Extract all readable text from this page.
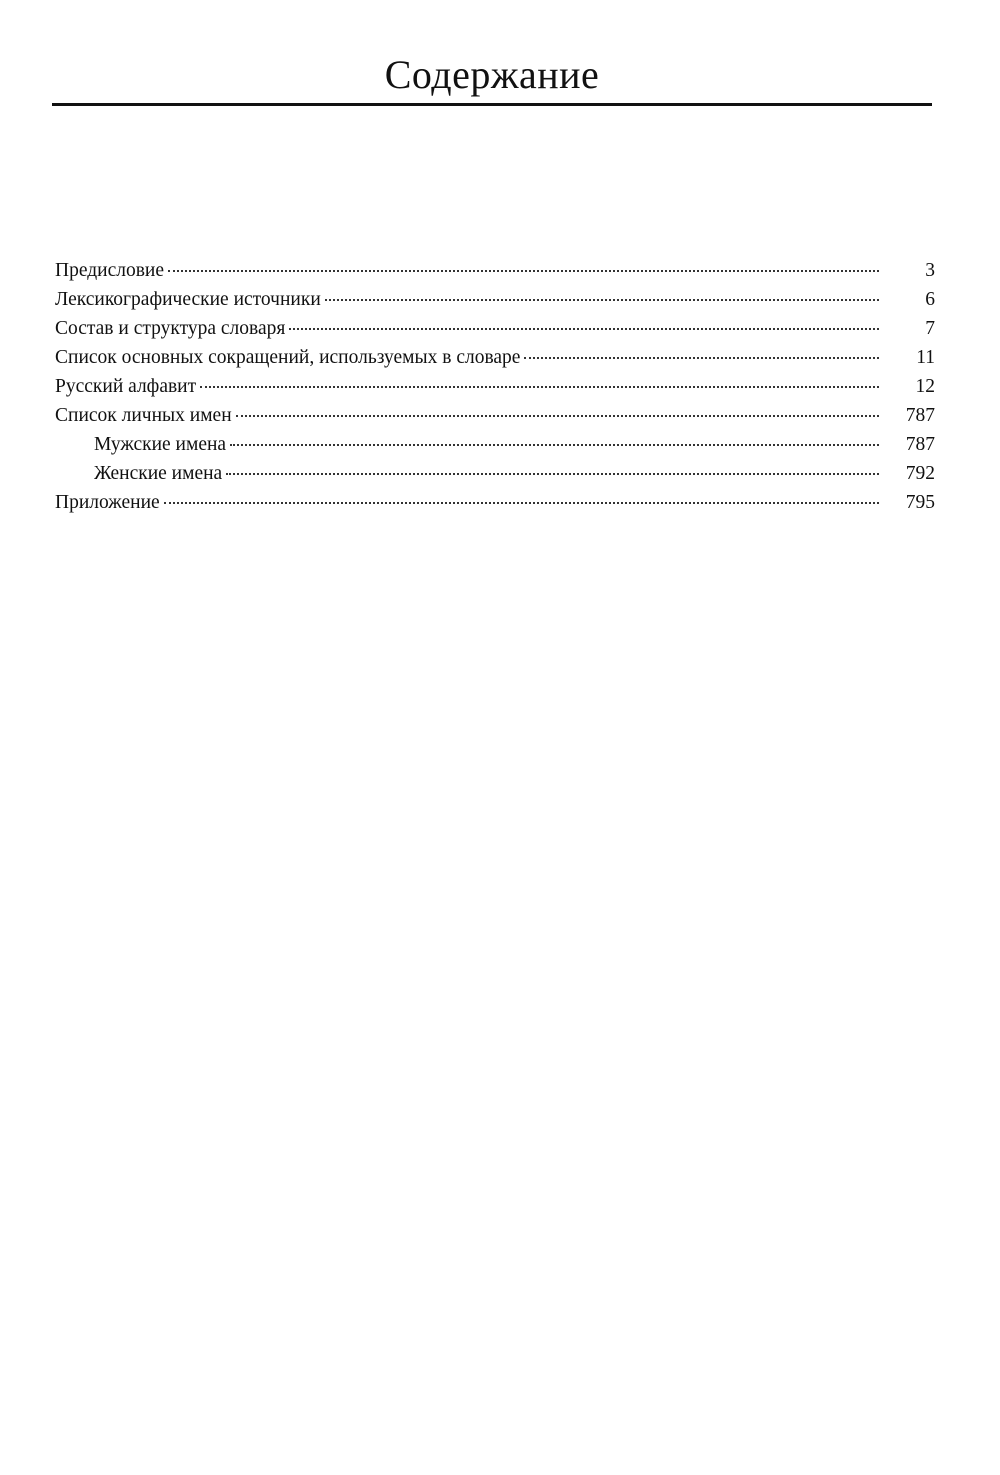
Содержание
Предисловие	3
Лексикографические источники	6
Состав и структура словаря	7
Список основных сокращений, используемых в словаре	11
Русский алфавит	12
Список личных имен	787
Мужские имена	787
Женские имена	792
Приложение	795
